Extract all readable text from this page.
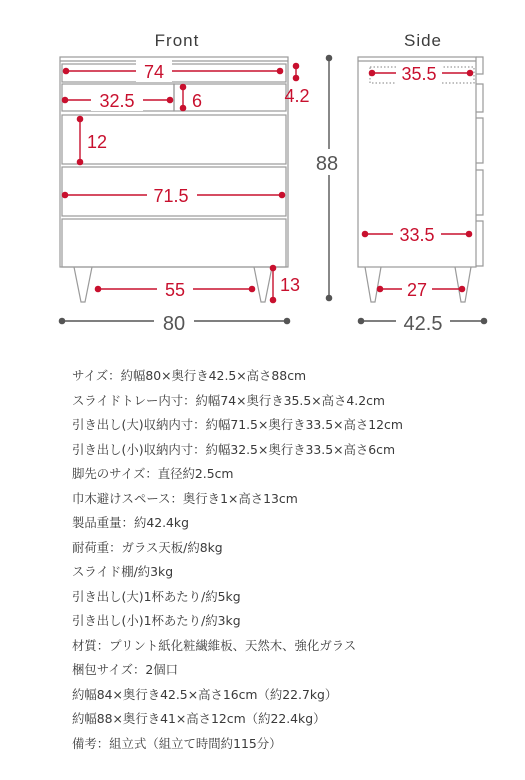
Front
74
4.2
32.5	6
12
71.5
55	13
88
80
Side
35.5
33.5
27
42.5
サイズ：約幅80×奥行き42.5×高さ88cm
スライドトレー内寸：約幅74×奥行き35.5×高さ4.2cm
引き出し(大)収納内寸：約幅71.5×奥行き33.5×高さ12cm
引き出し(小)収納内寸：約幅32.5×奥行き33.5×高さ6cm
脚先のサイズ：直径約2.5cm
巾木避けスペース：奥行き1×高さ13cm
製品重量：約42.4kg
耐荷重：ガラス天板/約8kg
スライド棚/約3kg
引き出し(大)1杯あたり/約5kg
引き出し(小)1杯あたり/約3kg
材質：プリント紙化粧繊維板、天然木、強化ガラス
梱包サイズ：2個口
約幅84×奥行き42.5×高さ16cm（約22.7kg）
約幅88×奥行き41×高さ12cm（約22.4kg）
備考：組立式（組立て時間約115分）
